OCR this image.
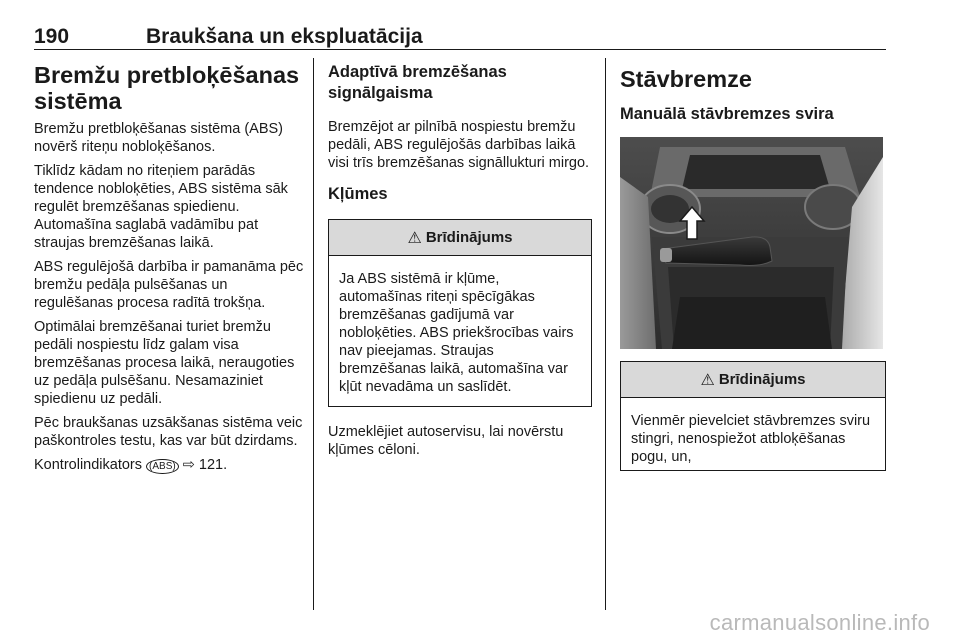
190	Braukšana un ekspluatācija
Bremžu pretbloķēšanas
sistēma

Bremžu pretbloķēšanas sistēma (ABS) novērš riteņu nobloķēšanos.

Tiklīdz kādam no riteņiem parādās tendence nobloķēties, ABS sistēma sāk regulēt bremzēšanas spiedienu. Automašīna saglabā vadāmību pat straujas bremzēšanas laikā.

ABS regulējošā darbība ir pamanāma pēc bremžu pedāļa pulsēšanas un regulēšanas procesa radītā trokšņa.

Optimālai bremzēšanai turiet bremžu pedāli nospiestu līdz galam visa bremzēšanas procesa laikā, neraugoties uz pedāļa pulsēšanu. Nesamaziniet spiedienu uz pedāli.

Pēc braukšanas uzsākšanas sistēma veic paškontroles testu, kas var būt dzirdams.

Kontrolindikators (ABS) ⇨ 121.

Adaptīvā bremzēšanas
signālgaisma

Bremzējot ar pilnībā nospiestu bremžu pedāli, ABS regulējošās darbības laikā visi trīs bremzēšanas signāllukturi mirgo.

Kļūmes
⚠ Brīdinājums

Ja ABS sistēmā ir kļūme, automašīnas riteņi spēcīgākas bremzēšanas gadījumā var nobloķēties. ABS priekšrocības vairs nav pieejamas. Straujas bremzēšanas laikā, automašīna var kļūt nevadāma un saslīdēt.

Uzmeklējiet autoservisu, lai novērstu kļūmes cēloni.

Stāvbremze
Manuālā stāvbremzes svira
⚠ Brīdinājums

Vienmēr pievelciet stāvbremzes sviru stingri, nenospiežot atbloķēšanas pogu, un,

carmanualsonline.info
